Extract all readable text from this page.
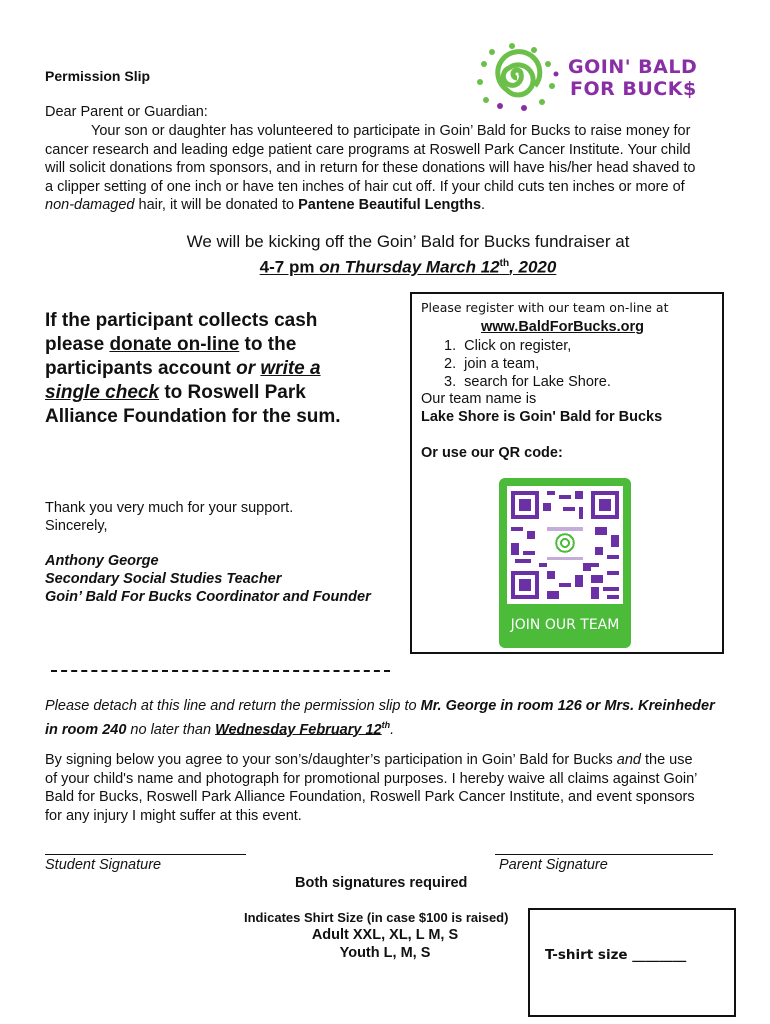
GOIN' BALD
FOR BUCK$
Permission Slip
Dear Parent or Guardian:
Your son or daughter has volunteered to participate in Goin’ Bald for Bucks to raise money for
cancer research and leading edge patient care programs at Roswell Park Cancer Institute. Your child
will solicit donations from sponsors, and in return for these donations will have his/her head shaved to
a clipper setting of one inch or have ten inches of hair cut off. If your child cuts ten inches or more of
non-damaged hair, it will be donated to Pantene Beautiful Lengths.
We will be kicking off the Goin’ Bald for Bucks fundraiser at
4-7 pm on Thursday March 12th, 2020
If the participant collects cash
please donate on-line to the
participants account or write a
single check to Roswell Park
Alliance Foundation for the sum.
Please register with our team on-line at
www.BaldForBucks.org
1.  Click on register,
2.  join a team,
3.  search for Lake Shore.
Our team name is
Lake Shore is Goin' Bald for Bucks
Or use our QR code:
JOIN OUR TEAM
Thank you very much for your support.
Sincerely,
Anthony George
Secondary Social Studies Teacher
Goin’ Bald For Bucks Coordinator and Founder
Please detach at this line and return the permission slip to Mr. George in room 126 or Mrs. Kreinheder
in room 240 no later than Wednesday February 12th.
By signing below you agree to your son’s/daughter’s participation in Goin’ Bald for Bucks and the use
of your child's name and photograph for promotional purposes. I hereby waive all claims against Goin’
Bald for Bucks, Roswell Park Alliance Foundation, Roswell Park Cancer Institute, and event sponsors
for any injury I might suffer at this event.
Student Signature	Parent Signature
Both signatures required
Indicates Shirt Size (in case $100 is raised)
Adult XXL, XL, L M, S
Youth L, M, S	T-shirt size ________
